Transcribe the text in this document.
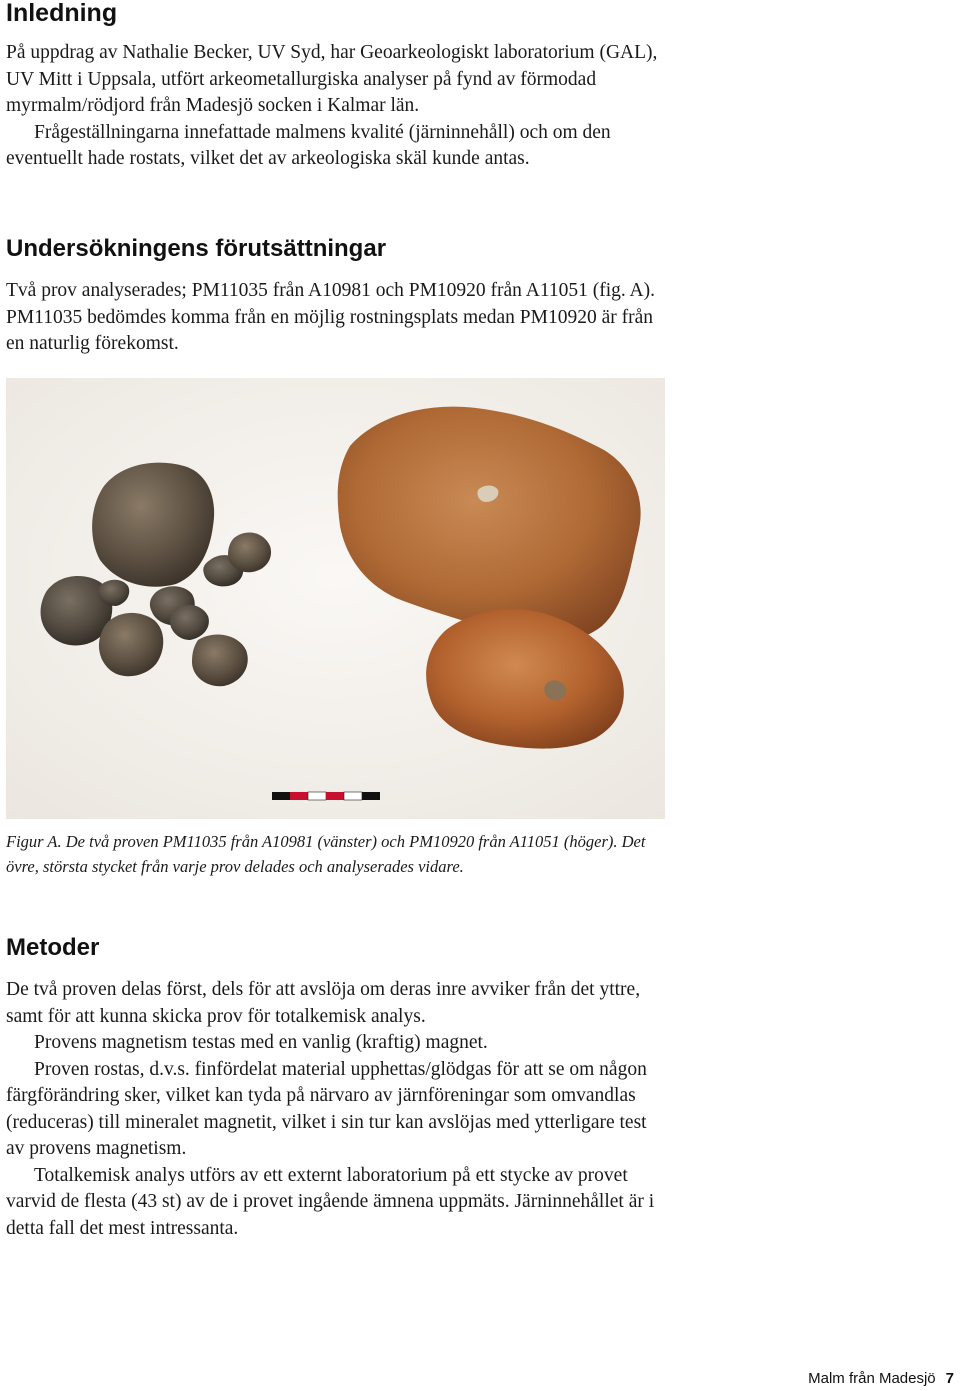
Inledning

På uppdrag av Nathalie Becker, UV Syd, har Geoarkeologiskt laboratorium (GAL), UV Mitt i Uppsala, utfört arkeometallurgiska analyser på fynd av förmodad myrmalm/rödjord från Madesjö socken i Kalmar län.

Frågeställningarna innefattade malmens kvalité (järninnehåll) och om den eventuellt hade rostats, vilket det av arkeologiska skäl kunde antas.

Undersökningens förutsättningar

Två prov analyserades; PM11035 från A10981 och PM10920 från A11051 (fig. A). PM11035 bedömdes komma från en möjlig rostningsplats medan PM10920 är från en naturlig förekomst.

Figur A. De två proven PM11035 från A10981 (vänster) och PM10920 från A11051 (höger). Det övre, största stycket från varje prov delades och analyserades vidare.
Metoder

De två proven delas först, dels för att avslöja om deras inre avviker från det yttre, samt för att kunna skicka prov för totalkemisk analys.

Provens magnetism testas med en vanlig (kraftig) magnet.

Proven rostas, d.v.s. finfördelat material upphettas/glödgas för att se om någon färgförändring sker, vilket kan tyda på närvaro av järnföreningar som omvandlas (reduceras) till mineralet magnetit, vilket i sin tur kan avslöjas med ytterligare test av provens magnetism.

Totalkemisk analys utförs av ett externt laboratorium på ett stycke av provet varvid de flesta (43 st) av de i provet ingående ämnena uppmäts. Järninnehållet är i detta fall det mest intressanta.

Malm från Madesjö 7
